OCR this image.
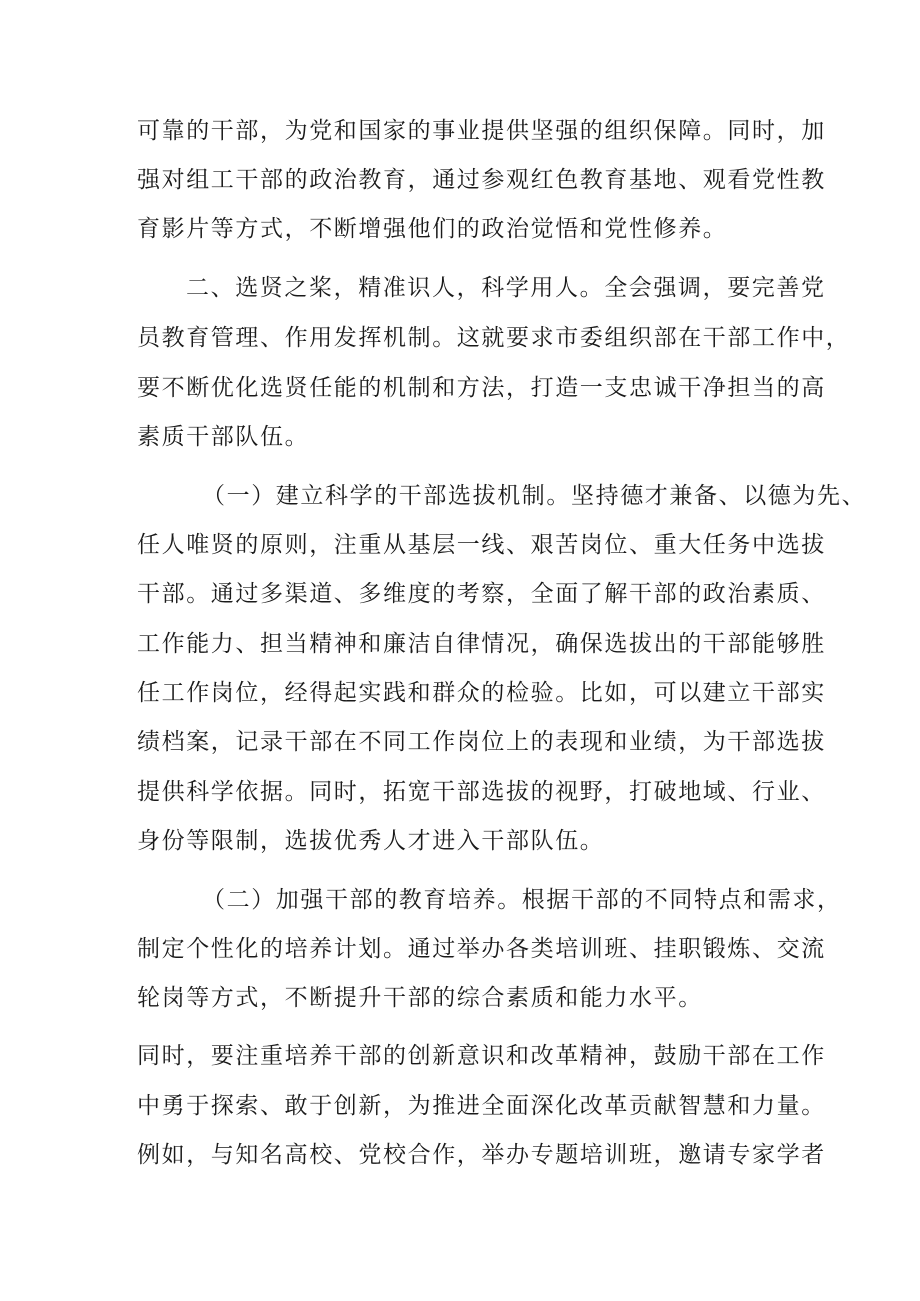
可靠的干部，为党和国家的事业提供坚强的组织保障。同时，加
强对组工干部的政治教育，通过参观红色教育基地、观看党性教
育影片等方式，不断增强他们的政治觉悟和党性修养。
二、选贤之桨，精准识人，科学用人。全会强调，要完善党
员教育管理、作用发挥机制。这就要求市委组织部在干部工作中，
要不断优化选贤任能的机制和方法，打造一支忠诚干净担当的高
素质干部队伍。
（一）建立科学的干部选拔机制。坚持德才兼备、以德为先、
任人唯贤的原则，注重从基层一线、艰苦岗位、重大任务中选拔
干部。通过多渠道、多维度的考察，全面了解干部的政治素质、
工作能力、担当精神和廉洁自律情况，确保选拔出的干部能够胜
任工作岗位，经得起实践和群众的检验。比如，可以建立干部实
绩档案，记录干部在不同工作岗位上的表现和业绩，为干部选拔
提供科学依据。同时，拓宽干部选拔的视野，打破地域、行业、
身份等限制，选拔优秀人才进入干部队伍。
（二）加强干部的教育培养。根据干部的不同特点和需求，
制定个性化的培养计划。通过举办各类培训班、挂职锻炼、交流
轮岗等方式，不断提升干部的综合素质和能力水平。
同时，要注重培养干部的创新意识和改革精神，鼓励干部在工作
中勇于探索、敢于创新，为推进全面深化改革贡献智慧和力量。
例如，与知名高校、党校合作，举办专题培训班，邀请专家学者
